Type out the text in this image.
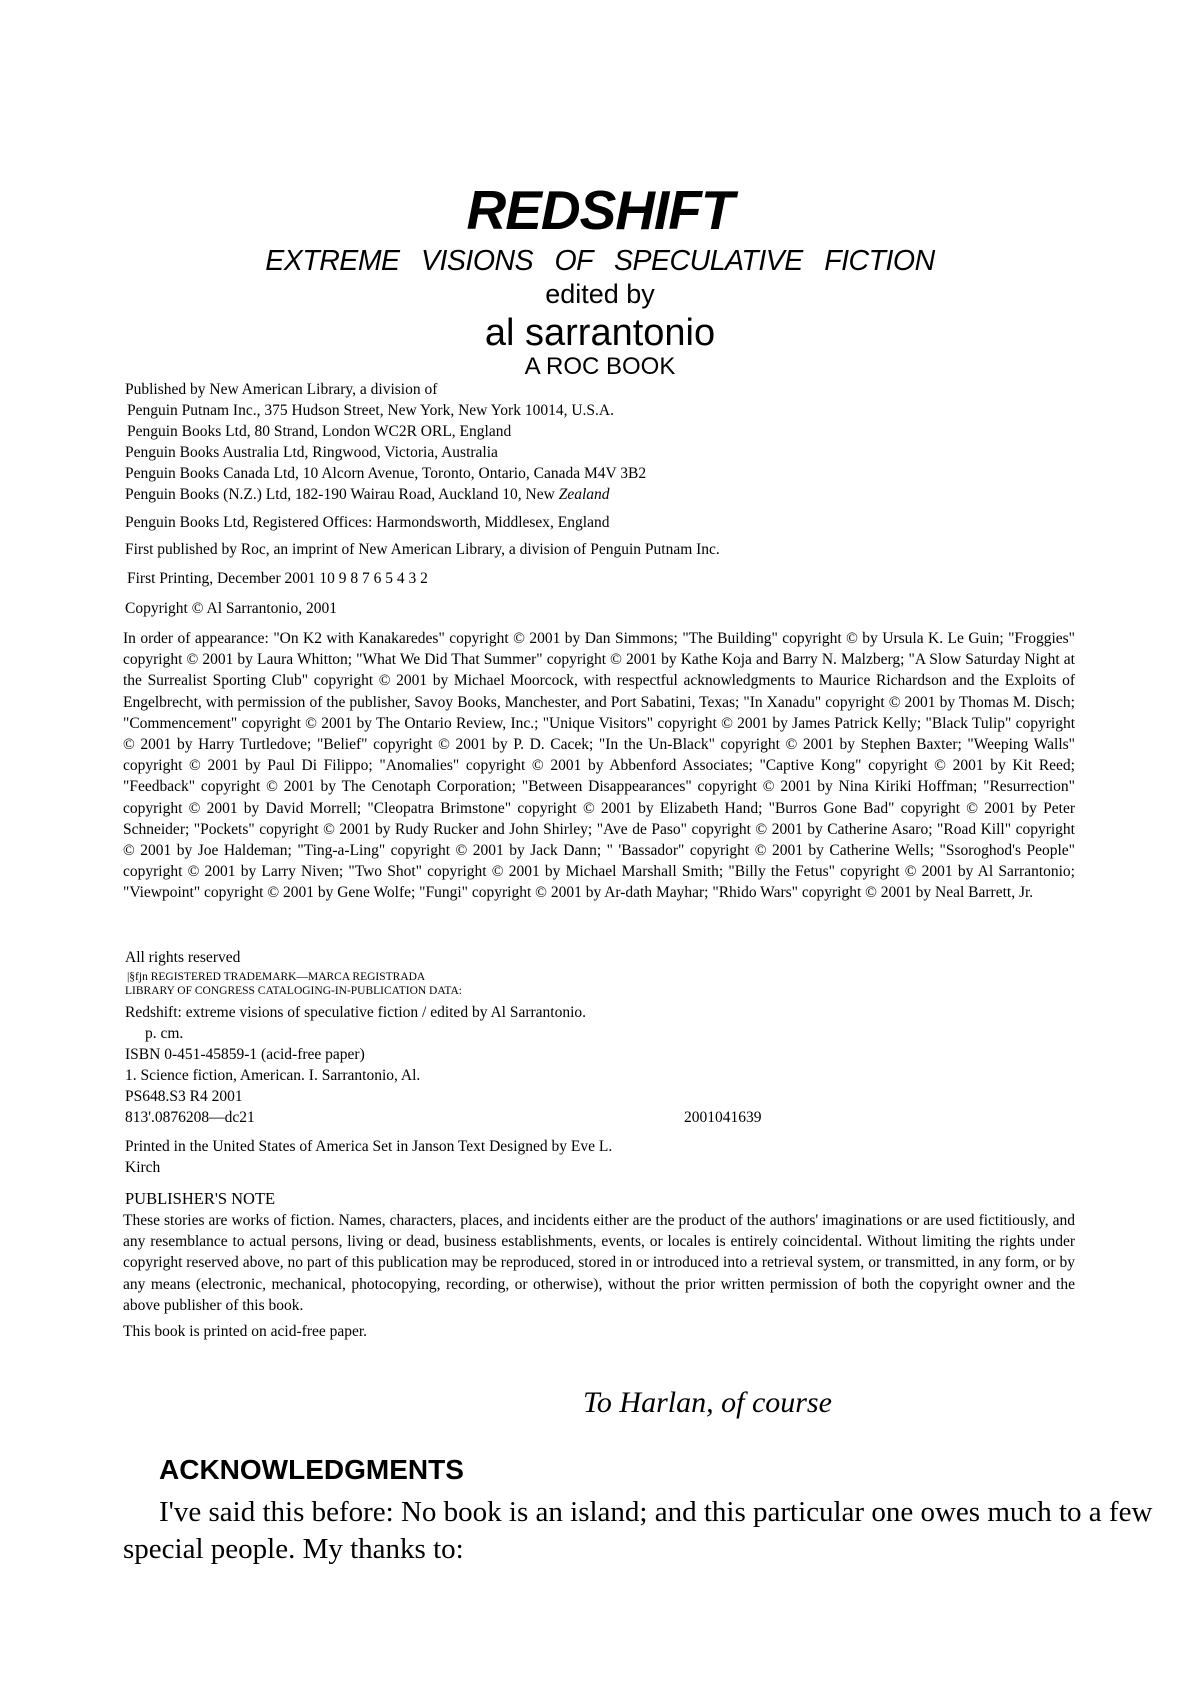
REDSHIFT
EXTREME VISIONS OF SPECULATIVE FICTION
edited by
al sarrantonio
A ROC BOOK
Published by New American Library, a division of
Penguin Putnam Inc., 375 Hudson Street, New York, New York 10014, U.S.A.
Penguin Books Ltd, 80 Strand, London WC2R ORL, England
Penguin Books Australia Ltd, Ringwood, Victoria, Australia
Penguin Books Canada Ltd, 10 Alcorn Avenue, Toronto, Ontario, Canada M4V 3B2
Penguin Books (N.Z.) Ltd, 182-190 Wairau Road, Auckland 10, New Zealand
Penguin Books Ltd, Registered Offices: Harmondsworth, Middlesex, England
First published by Roc, an imprint of New American Library, a division of Penguin Putnam Inc.
First Printing, December 2001 10 9 8 7 6 5 4 3 2
Copyright © Al Sarrantonio, 2001
In order of appearance: "On K2 with Kanakaredes" copyright © 2001 by Dan Simmons; "The Building" copyright © by Ursula K. Le Guin; "Froggies" copyright © 2001 by Laura Whitton; "What We Did That Summer" copyright © 2001 by Kathe Koja and Barry N. Malzberg; "A Slow Saturday Night at the Surrealist Sporting Club" copyright © 2001 by Michael Moorcock, with respectful acknowledgments to Maurice Richardson and the Exploits of Engelbrecht, with permission of the publisher, Savoy Books, Manchester, and Port Sabatini, Texas; "In Xanadu" copyright © 2001 by Thomas M. Disch; "Commencement" copyright © 2001 by The Ontario Review, Inc.; "Unique Visitors" copyright © 2001 by James Patrick Kelly; "Black Tulip" copyright © 2001 by Harry Turtledove; "Belief" copyright © 2001 by P. D. Cacek; "In the Un-Black" copyright © 2001 by Stephen Baxter; "Weeping Walls" copyright © 2001 by Paul Di Filippo; "Anomalies" copyright © 2001 by Abbenford Associates; "Captive Kong" copyright © 2001 by Kit Reed; "Feedback" copyright © 2001 by The Cenotaph Corporation; "Between Disappearances" copyright © 2001 by Nina Kiriki Hoffman; "Resurrection" copyright © 2001 by David Morrell; "Cleopatra Brimstone" copyright © 2001 by Elizabeth Hand; "Burros Gone Bad" copyright © 2001 by Peter Schneider; "Pockets" copyright © 2001 by Rudy Rucker and John Shirley; "Ave de Paso" copyright © 2001 by Catherine Asaro; "Road Kill" copyright © 2001 by Joe Haldeman; "Ting-a-Ling" copyright © 2001 by Jack Dann; " 'Bassador" copyright © 2001 by Catherine Wells; "Ssoroghod's People" copyright © 2001 by Larry Niven; "Two Shot" copyright © 2001 by Michael Marshall Smith; "Billy the Fetus" copyright © 2001 by Al Sarrantonio; "Viewpoint" copyright © 2001 by Gene Wolfe; "Fungi" copyright © 2001 by Ar-dath Mayhar; "Rhido Wars" copyright © 2001 by Neal Barrett, Jr.
All rights reserved
|§fjn REGISTERED TRADEMARK—MARCA REGISTRADA
LIBRARY OF CONGRESS CATALOGING-IN-PUBLICATION DATA:
Redshift: extreme visions of speculative fiction / edited by Al Sarrantonio.
p. cm.
ISBN 0-451-45859-1 (acid-free paper)
1. Science fiction, American. I. Sarrantonio, Al.
PS648.S3 R4 2001
813'.0876208—dc21	2001041639
Printed in the United States of America Set in Janson Text Designed by Eve L.
Kirch
PUBLISHER'S NOTE
These stories are works of fiction. Names, characters, places, and incidents either are the product of the authors' imaginations or are used fictitiously, and any resemblance to actual persons, living or dead, business establishments, events, or locales is entirely coincidental. Without limiting the rights under copyright reserved above, no part of this publication may be reproduced, stored in or introduced into a retrieval system, or transmitted, in any form, or by any means (electronic, mechanical, photocopying, recording, or otherwise), without the prior written permission of both the copyright owner and the above publisher of this book.
This book is printed on acid-free paper.
To Harlan, of course
ACKNOWLEDGMENTS
I've said this before: No book is an island; and this particular one owes much to a few special people. My thanks to:
